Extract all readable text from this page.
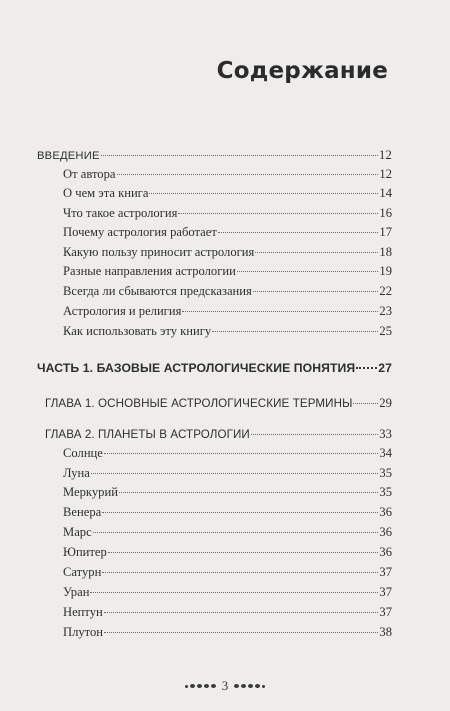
Содержание
ВВЕДЕНИЕ	12
От автора	12
О чем эта книга	14
Что такое астрология	16
Почему астрология работает	17
Какую пользу приносит астрология	18
Разные направления астрологии	19
Всегда ли сбываются предсказания	22
Астрология и религия	23
Как использовать эту книгу	25
ЧАСТЬ 1. БАЗОВЫЕ АСТРОЛОГИЧЕСКИЕ ПОНЯТИЯ 27
ГЛАВА 1. ОСНОВНЫЕ АСТРОЛОГИЧЕСКИЕ ТЕРМИНЫ 29
ГЛАВА 2. ПЛАНЕТЫ В АСТРОЛОГИИ	33
Солнце	34
Луна	35
Меркурий	35
Венера	36
Марс	36
Юпитер	36
Сатурн	37
Уран	37
Нептун	37
Плутон	38
3
